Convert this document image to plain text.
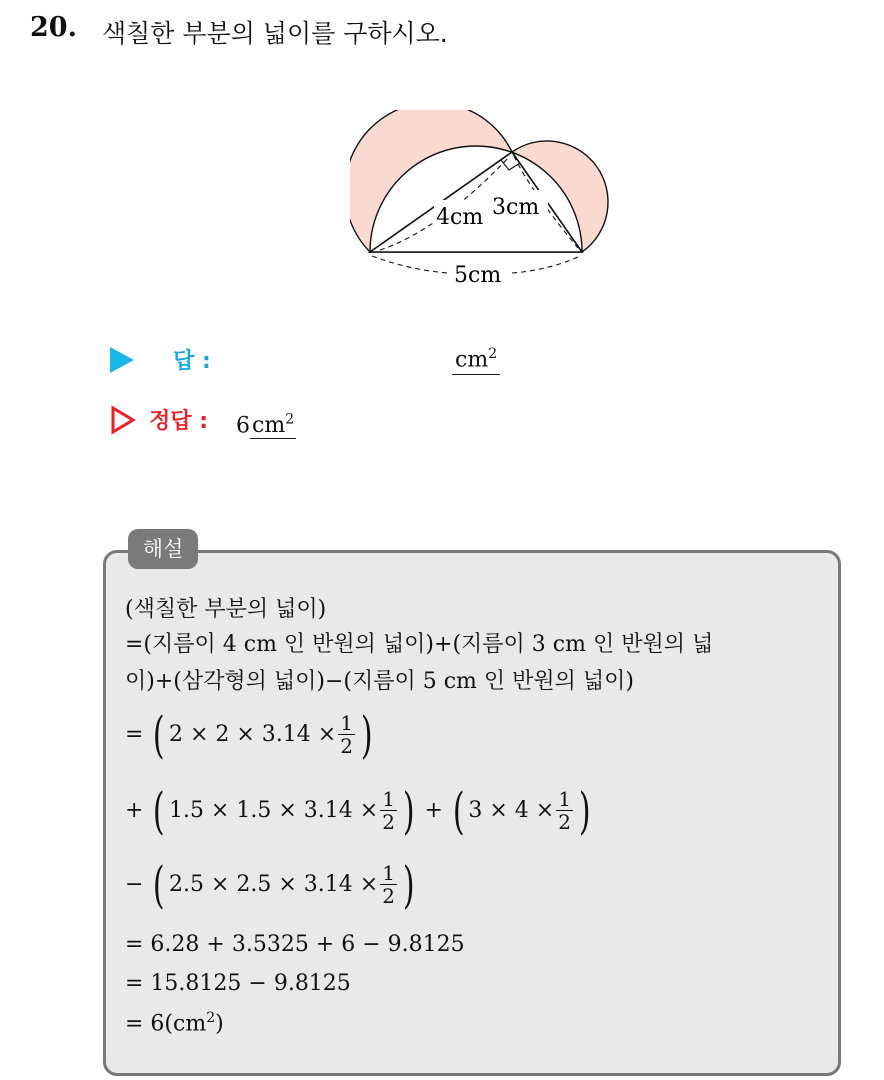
20. 색칠한 부분의 넓이를 구하시오.
4cm 3cm
5cm
답 :	$cm^2$
정답 : $6cm^2$
해설
(색칠한 부분의 넓이)
=(지름이 4 cm 인 반원의 넓이)+(지름이 3 cm 인 반원의 넓
이)+(삼각형의 넓이)−(지름이 5 cm 인 반원의 넓이)
= ( $2 \times 2 \times 3.14 \times \frac{1}{2}$ )
+ ( $1.5 \times 1.5 \times 3.14 \times \frac{1}{2}$ ) + ( $3 \times 4 \times \frac{1}{2}$ )
− ( $2.5 \times 2.5 \times 3.14 \times \frac{1}{2}$ )
= 6.28 + 3.5325 + 6 − 9.8125
= 15.8125 − 9.8125
= $6(cm^2)$
